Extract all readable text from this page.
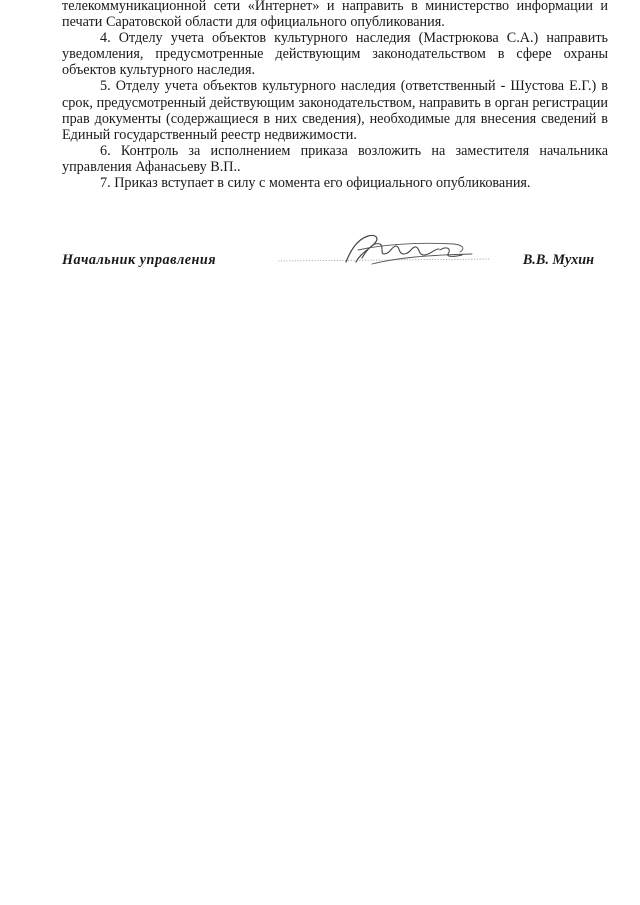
телекоммуникационной сети «Интернет» и направить в министерство информации и печати Саратовской области для официального опубликования.

4. Отделу учета объектов культурного наследия (Мастрюкова С.А.) направить уведомления, предусмотренные действующим законодательством в сфере охраны объектов культурного наследия.

5. Отделу учета объектов культурного наследия (ответственный - Шустова Е.Г.) в срок, предусмотренный действующим законодательством, направить в орган регистрации прав документы (содержащиеся в них сведения), необходимые для внесения сведений в Единый государственный реестр недвижимости.

6. Контроль за исполнением приказа возложить на заместителя начальника управления Афанасьеву В.П..

7. Приказ вступает в силу с момента его официального опубликования.

Начальник управления	В.В. Мухин
